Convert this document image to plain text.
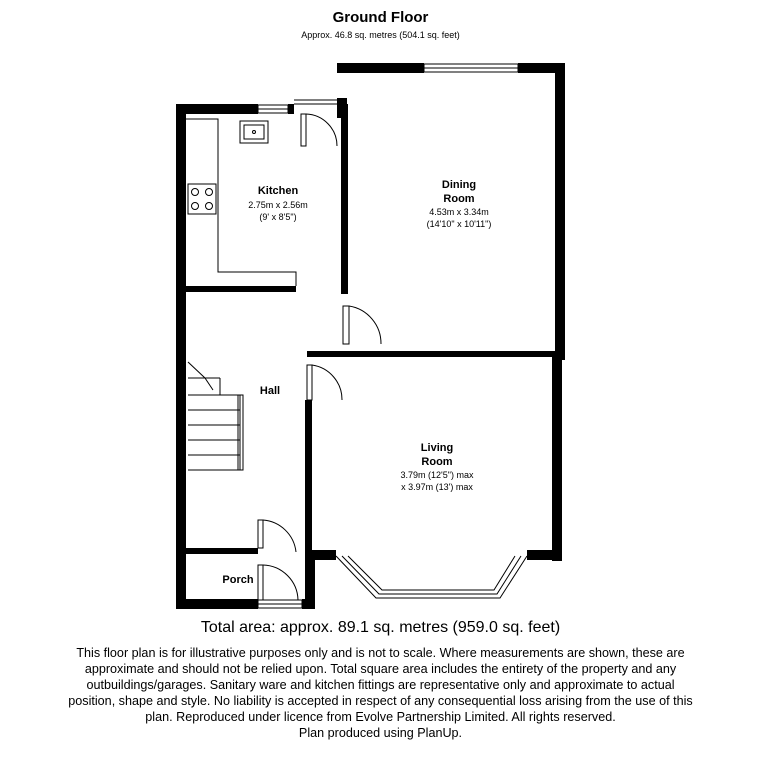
Ground Floor
Approx. 46.8 sq. metres (504.1 sq. feet)
Kitchen
2.75m x 2.56m
(9' x 8'5")
Dining
Room
4.53m x 3.34m
(14'10" x 10'11")
Hall
Living
Room
3.79m (12'5") max
x 3.97m (13') max
Porch
Total area: approx. 89.1 sq. metres (959.0 sq. feet)

This floor plan is for illustrative purposes only and is not to scale. Where measurements are shown, these are

approximate and should not be relied upon. Total square area includes the entirety of the property and any

outbuildings/garages. Sanitary ware and kitchen fittings are representative only and approximate to actual

position, shape and style. No liability is accepted in respect of any consequential loss arising from the use of this

plan. Reproduced under licence from Evolve Partnership Limited. All rights reserved.

Plan produced using PlanUp.
